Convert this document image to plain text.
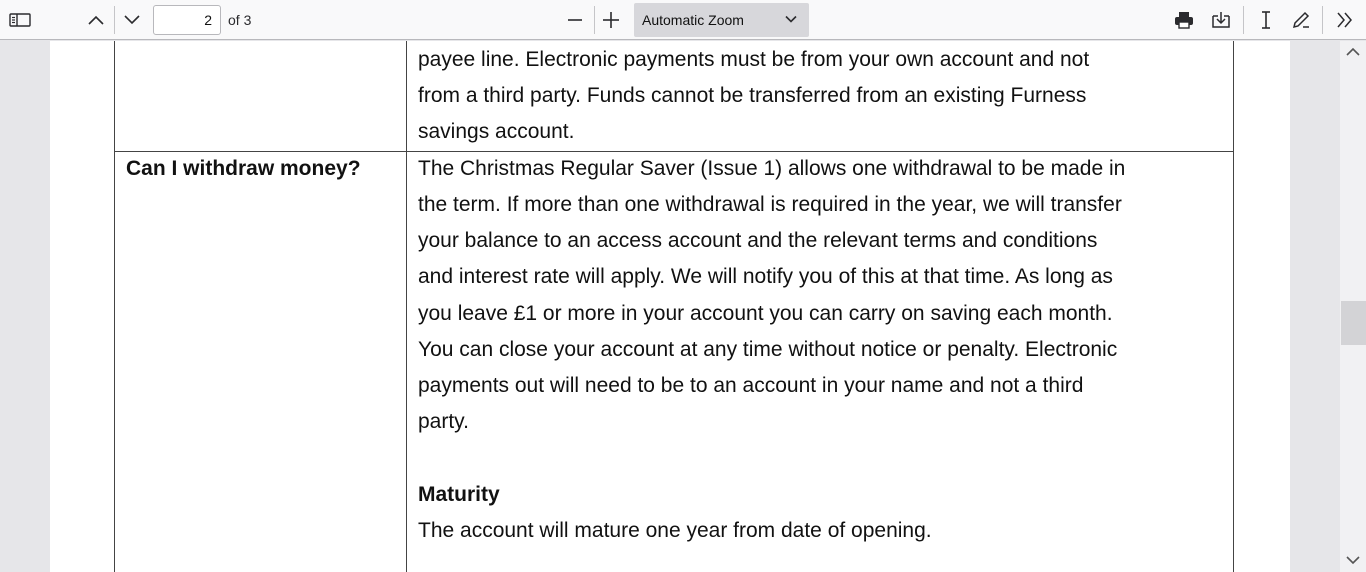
2
of 3	Automatic Zoom
payee line. Electronic payments must be from your own account and not
from a third party. Funds cannot be transferred from an existing Furness
savings account.
Can I withdraw money?	The Christmas Regular Saver (Issue 1) allows one withdrawal to be made in
the term. If more than one withdrawal is required in the year, we will transfer
your balance to an access account and the relevant terms and conditions
and interest rate will apply. We will notify you of this at that time. As long as
you leave £1 or more in your account you can carry on saving each month.
You can close your account at any time without notice or penalty. Electronic
payments out will need to be to an account in your name and not a third
party.
Maturity
The account will mature one year from date of opening.
